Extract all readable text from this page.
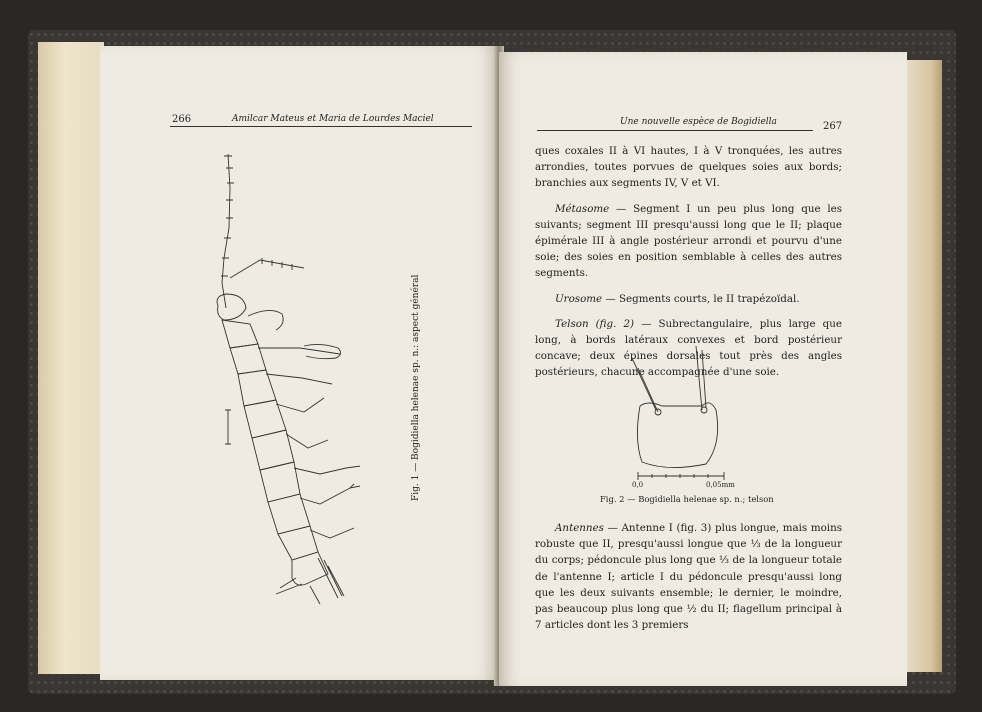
266	Amilcar Mateus et Maria de Lourdes Maciel
Fig. 1 — Bogidiella helenae sp. n.: aspect général
Une nouvelle espèce de Bogidiella	267

ques coxales II à VI hautes, I à V tronquées, les autres arrondies, toutes porvues de quelques soies aux bords; branchies aux segments IV, V et VI.

Métasome — Segment I un peu plus long que les suivants; segment III presqu'aussi long que le II; plaque épimérale III à angle postérieur arrondi et pourvu d'une soie; des soies en position semblable à celles des autres segments.

Urosome — Segments courts, le II trapézoïdal.

Telson (fig. 2) — Subrectangulaire, plus large que long, à bords latéraux convexes et bord postérieur concave; deux épines dorsales tout près des angles postérieurs, chacune accompagnée d'une soie.

0,0	0,05mm
Fig. 2 — Bogidiella helenae sp. n.; telson

Antennes — Antenne I (fig. 3) plus longue, mais moins robuste que II, presqu'aussi longue que ⅓ de la longueur du corps; pédoncule plus long que ⅓ de la longueur totale de l'antenne I; article I du pédoncule presqu'aussi long que les deux suivants ensemble; le dernier, le moindre, pas beaucoup plus long que ½ du II; flagellum principal à 7 articles dont les 3 premiers
